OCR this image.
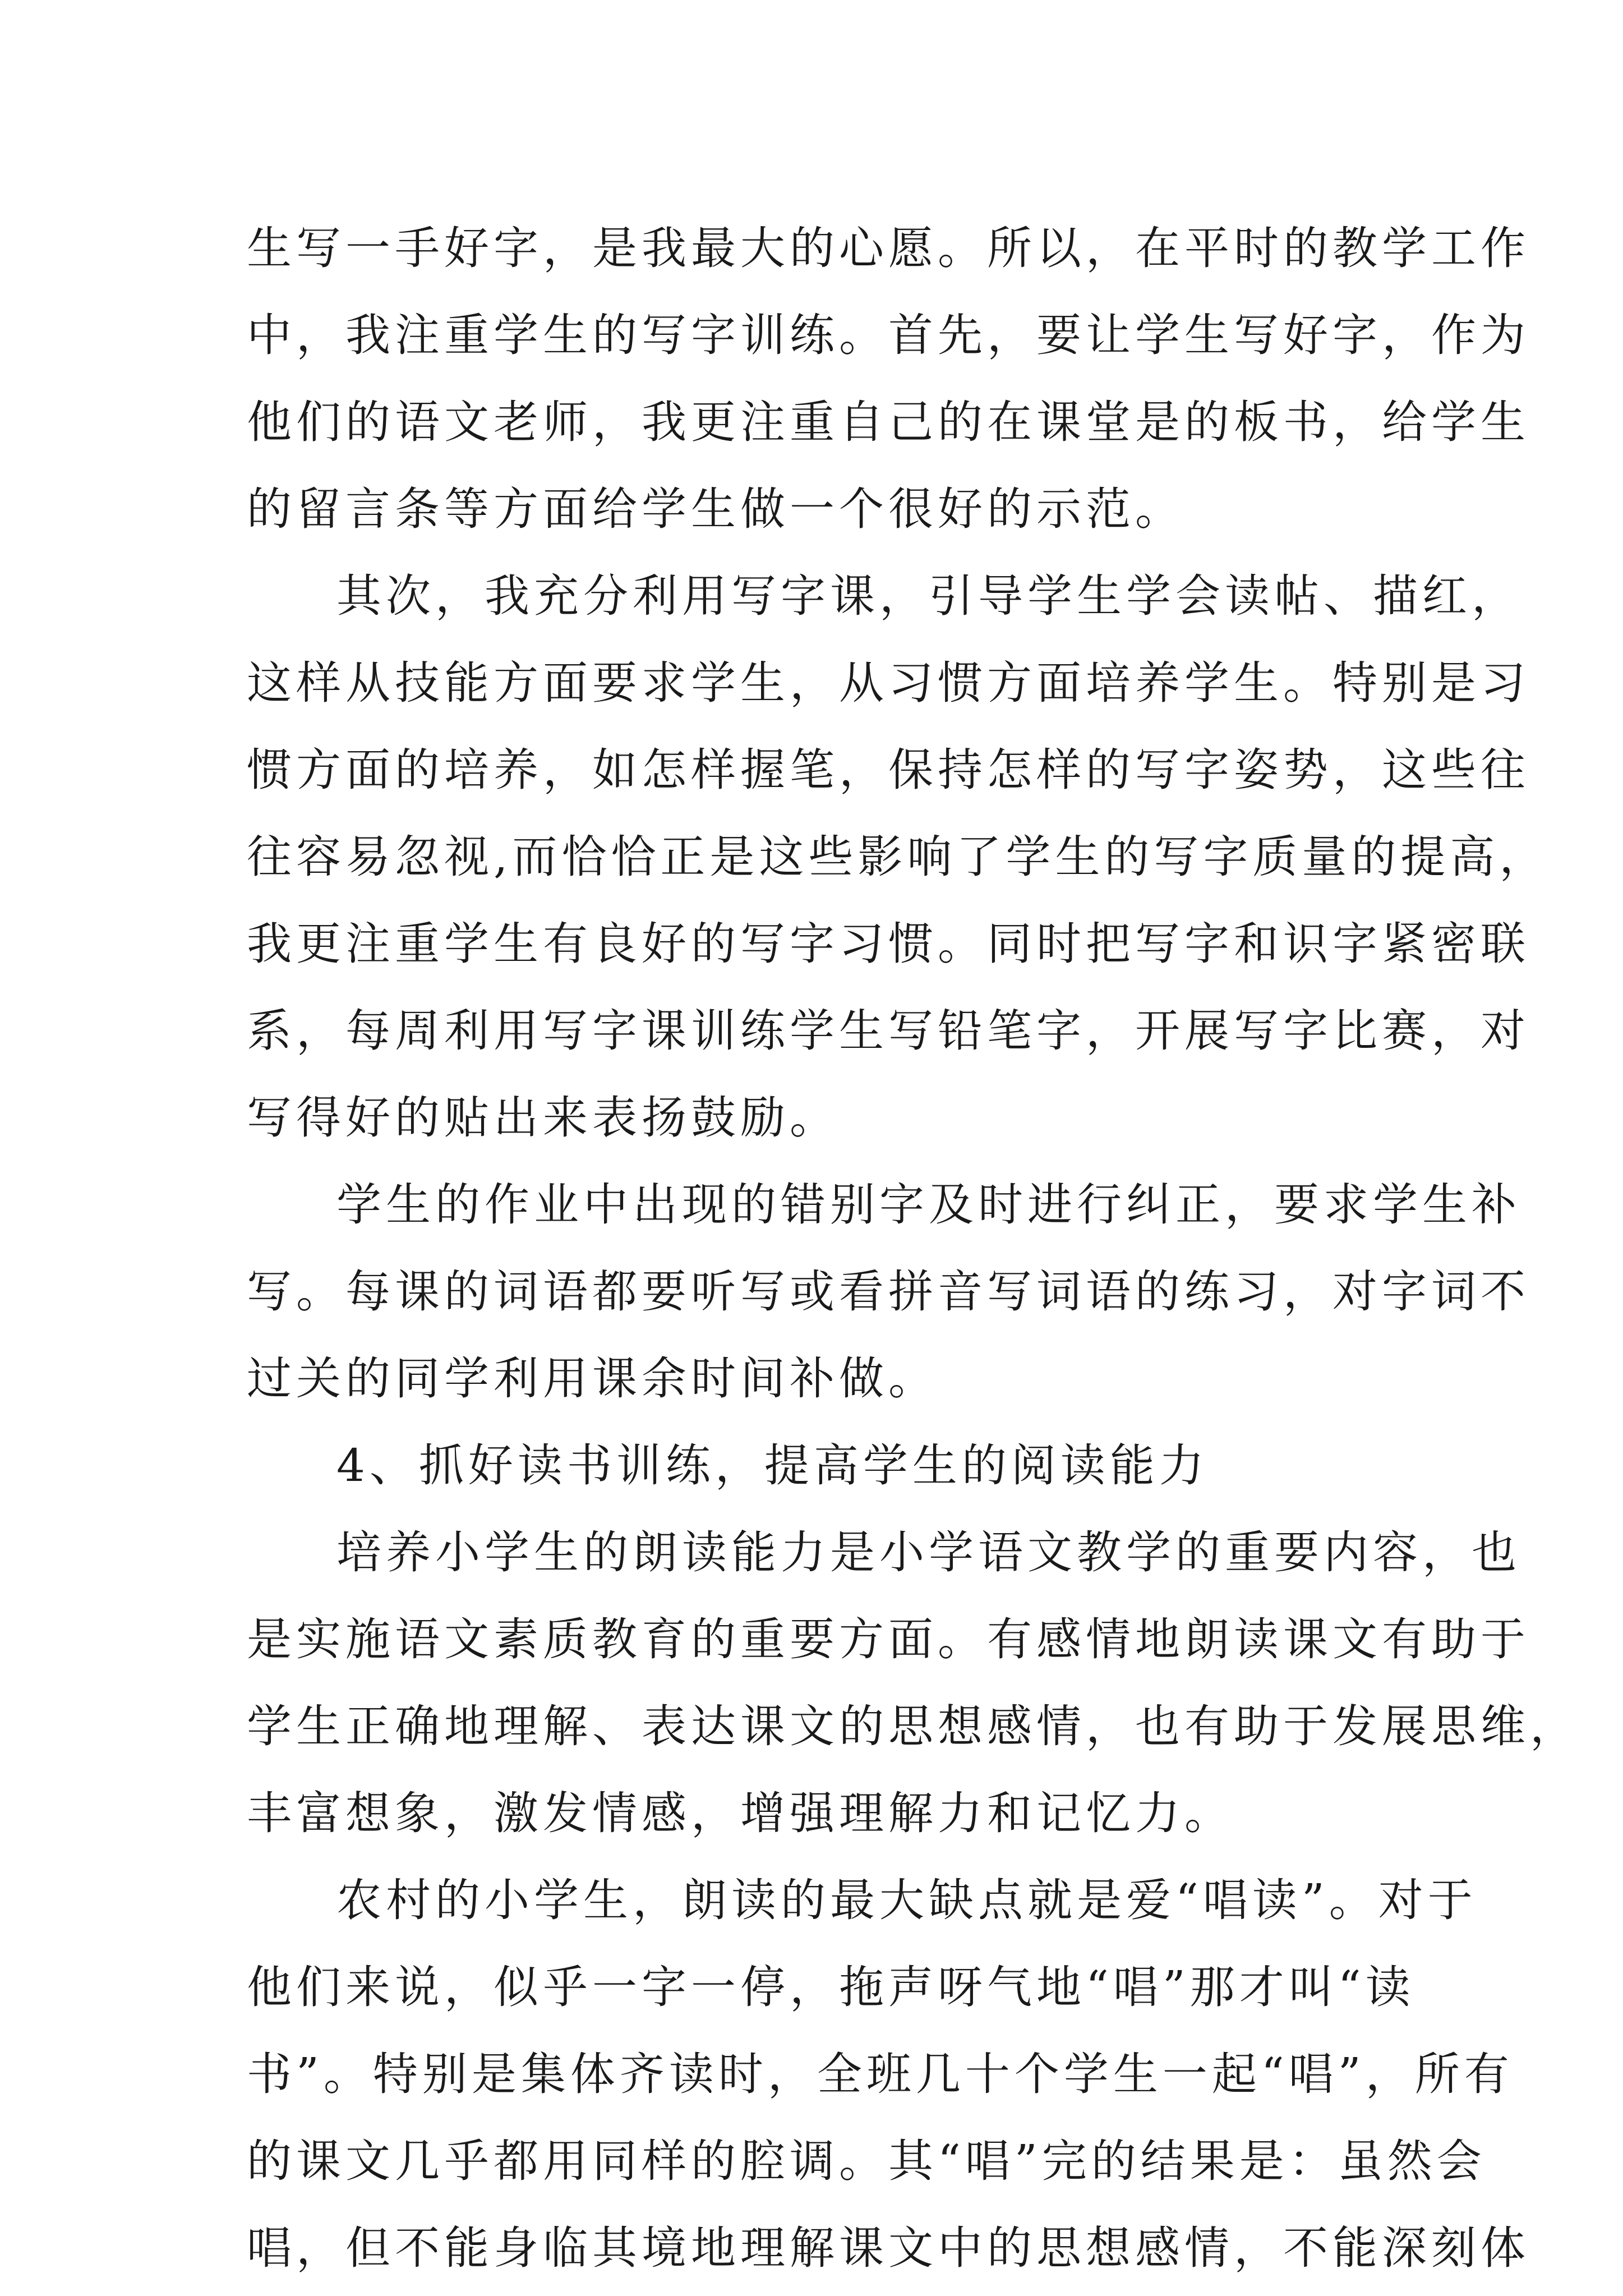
生写一手好字，是我最大的心愿。所以，在平时的教学工作
中，我注重学生的写字训练。首先，要让学生写好字，作为
他们的语文老师，我更注重自己的在课堂是的板书，给学生
的留言条等方面给学生做一个很好的示范。
其次，我充分利用写字课，引导学生学会读帖、描红，
这样从技能方面要求学生，从习惯方面培养学生。特别是习
惯方面的培养，如怎样握笔，保持怎样的写字姿势，这些往
往容易忽视,而恰恰正是这些影响了学生的写字质量的提高，
我更注重学生有良好的写字习惯。同时把写字和识字紧密联
系，每周利用写字课训练学生写铅笔字，开展写字比赛，对
写得好的贴出来表扬鼓励。
学生的作业中出现的错别字及时进行纠正，要求学生补
写。每课的词语都要听写或看拼音写词语的练习，对字词不
过关的同学利用课余时间补做。
4、抓好读书训练，提高学生的阅读能力
培养小学生的朗读能力是小学语文教学的重要内容，也
是实施语文素质教育的重要方面。有感情地朗读课文有助于
学生正确地理解、表达课文的思想感情，也有助于发展思维，
丰富想象，激发情感，增强理解力和记忆力。
农村的小学生，朗读的最大缺点就是爱“唱读”。对于
他们来说，似乎一字一停，拖声呀气地“唱”那才叫“读
书”。特别是集体齐读时，全班几十个学生一起“唱”，所有
的课文几乎都用同样的腔调。其“唱”完的结果是：虽然会
唱，但不能身临其境地理解课文中的思想感情，不能深刻体
